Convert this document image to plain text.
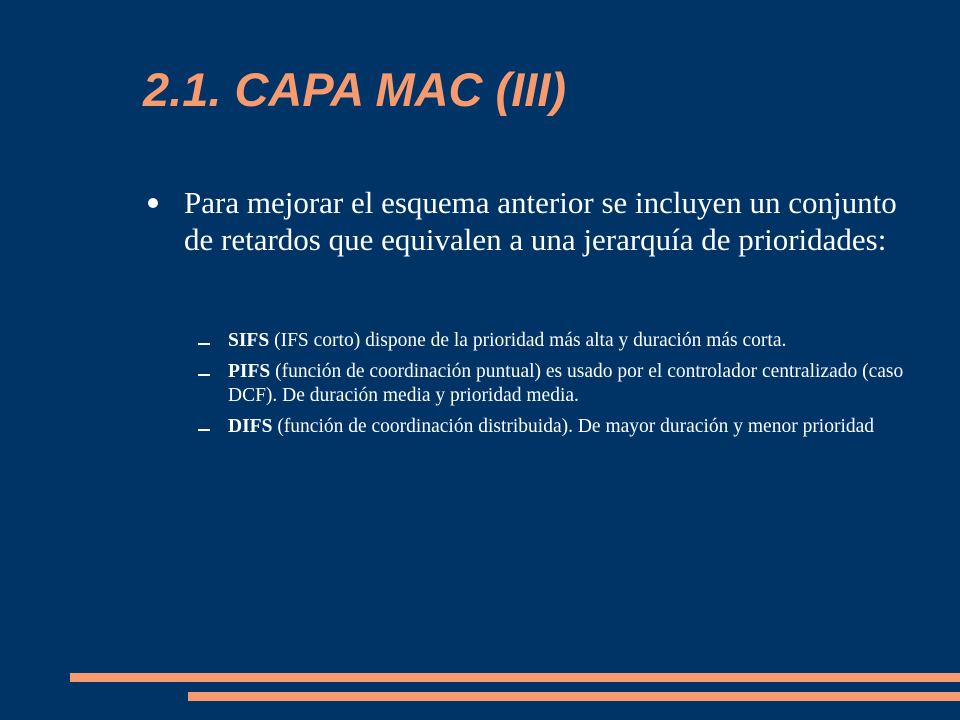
2.1. CAPA MAC (III)
Para mejorar el esquema anterior se incluyen un conjunto de retardos que equivalen a una jerarquía de prioridades:
SIFS (IFS corto) dispone de la prioridad más alta y duración más corta.
PIFS (función de coordinación puntual) es usado por el controlador centralizado (caso DCF). De duración media y prioridad media.
DIFS (función de coordinación distribuida). De mayor duración y menor prioridad
